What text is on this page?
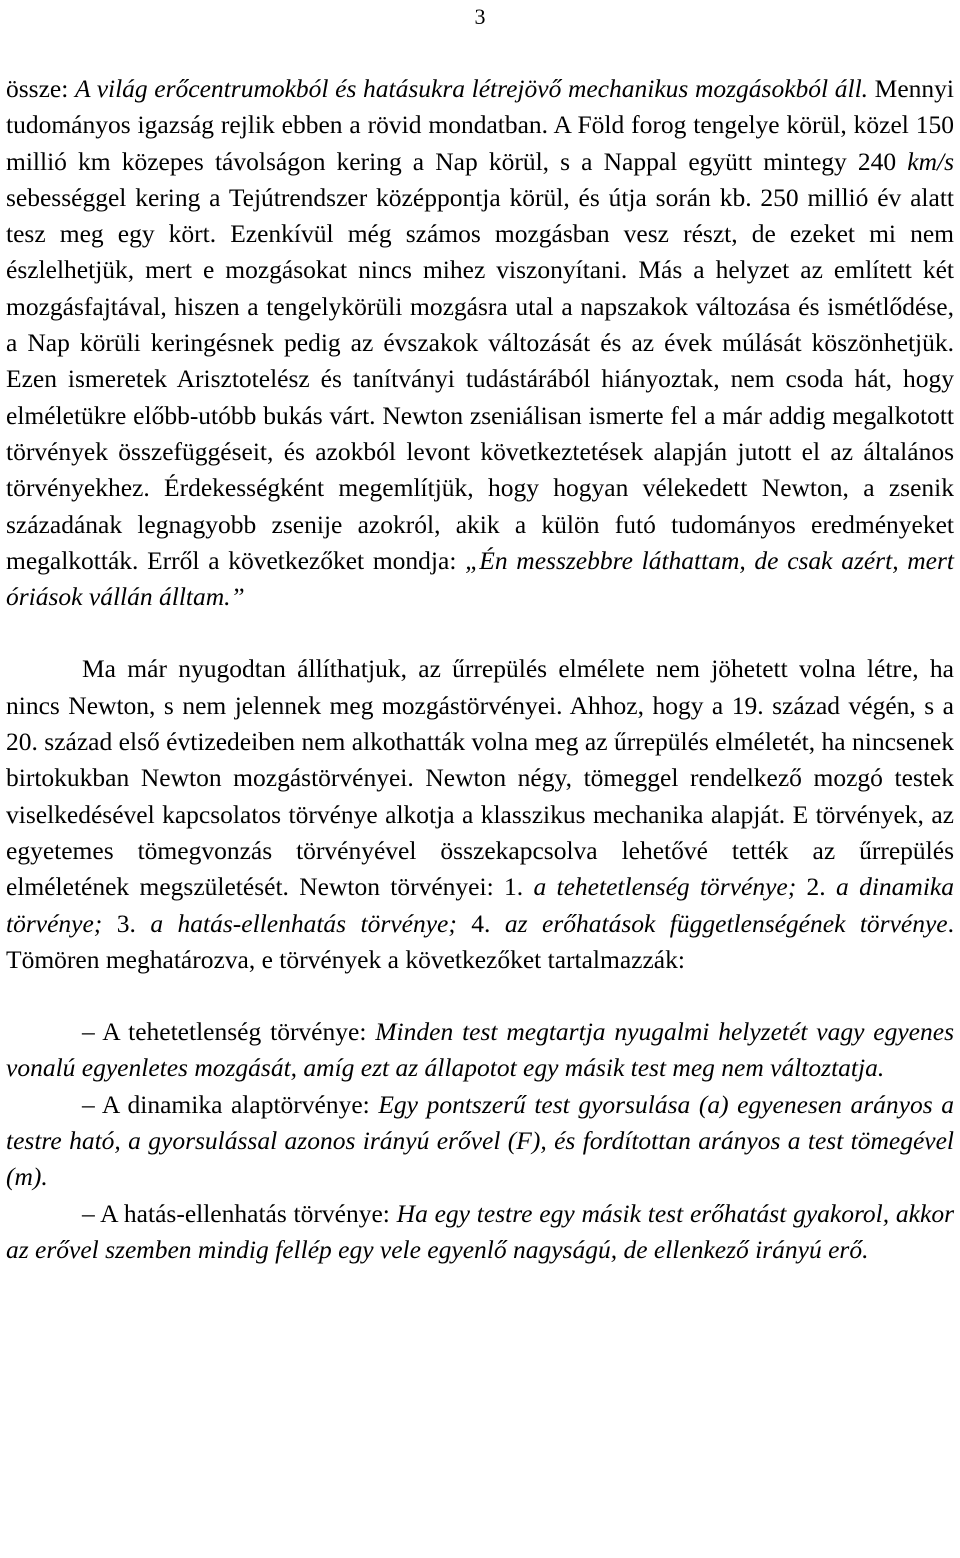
3

össze: A világ erőcentrumokból és hatásukra létrejövő mechanikus mozgásokból áll. Mennyi tudományos igazság rejlik ebben a rövid mondatban. A Föld forog tengelye körül, közel 150 millió km közepes távolságon kering a Nap körül, s a Nappal együtt mintegy 240 km/s sebességgel kering a Tejútrendszer középpontja körül, és útja során kb. 250 millió év alatt tesz meg egy kört. Ezenkívül még számos mozgásban vesz részt, de ezeket mi nem észlelhetjük, mert e mozgásokat nincs mihez viszonyítani. Más a helyzet az említett két mozgásfajtával, hiszen a tengelykörüli mozgásra utal a napszakok változása és ismétlődése, a Nap körüli keringésnek pedig az évszakok változását és az évek múlását köszönhetjük. Ezen ismeretek Arisztotelész és tanítványi tudástárából hiányoztak, nem csoda hát, hogy elméletükre előbb-utóbb bukás várt. Newton zseniálisan ismerte fel a már addig megalkotott törvények összefüggéseit, és azokból levont következtetések alapján jutott el az általános törvényekhez. Érdekességként megemlítjük, hogy hogyan vélekedett Newton, a zsenik századának legnagyobb zsenije azokról, akik a külön futó tudományos eredményeket megalkották. Erről a következőket mondja: „Én messzebbre láthattam, de csak azért, mert óriások vállán álltam.”

Ma már nyugodtan állíthatjuk, az űrrepülés elmélete nem jöhetett volna létre, ha nincs Newton, s nem jelennek meg mozgástörvényei. Ahhoz, hogy a 19. század végén, s a 20. század első évtizedeiben nem alkothatták volna meg az űrrepülés elméletét, ha nincsenek birtokukban Newton mozgástörvényei. Newton négy, tömeggel rendelkező mozgó testek viselkedésével kapcsolatos törvénye alkotja a klasszikus mechanika alapját. E törvények, az egyetemes tömegvonzás törvényével összekapcsolva lehetővé tették az űrrepülés elméletének megszületését. Newton törvényei: 1. a tehetetlenség törvénye; 2. a dinamika törvénye; 3. a hatás-ellenhatás törvénye; 4. az erőhatások függetlenségének törvénye. Tömören meghatározva, e törvények a következőket tartalmazzák:

– A tehetetlenség törvénye: Minden test megtartja nyugalmi helyzetét vagy egyenes vonalú egyenletes mozgását, amíg ezt az állapotot egy másik test meg nem változtatja.

– A dinamika alaptörvénye: Egy pontszerű test gyorsulása (a) egyenesen arányos a testre ható, a gyorsulással azonos irányú erővel (F), és fordítottan arányos a test tömegével (m).

– A hatás-ellenhatás törvénye: Ha egy testre egy másik test erőhatást gyakorol, akkor az erővel szemben mindig fellép egy vele egyenlő nagyságú, de ellenkező irányú erő.
